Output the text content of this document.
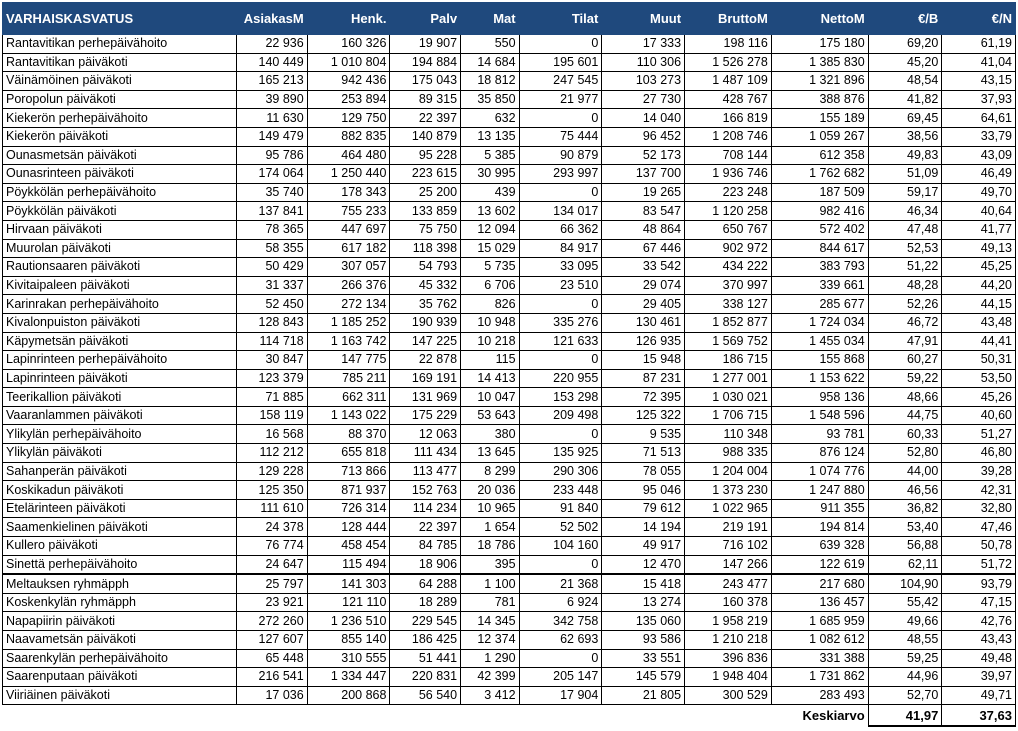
VARHAISKASVATUS	AsiakasM	Henk.	Palv	Mat	Tilat	Muut	BruttoM	NettoM	€/B	€/N
Rantavitikan perhepäivähoito	22 936	160 326	19 907	550	0	17 333	198 116	175 180	69,20	61,19
Rantavitikan päiväkoti	140 449	1 010 804	194 884	14 684	195 601	110 306	1 526 278	1 385 830	45,20	41,04
Väinämöinen päiväkoti	165 213	942 436	175 043	18 812	247 545	103 273	1 487 109	1 321 896	48,54	43,15
Poropolun päiväkoti	39 890	253 894	89 315	35 850	21 977	27 730	428 767	388 876	41,82	37,93
Kiekerön perhepäivähoito	11 630	129 750	22 397	632	0	14 040	166 819	155 189	69,45	64,61
Kiekerön päiväkoti	149 479	882 835	140 879	13 135	75 444	96 452	1 208 746	1 059 267	38,56	33,79
Ounasmetsän päiväkoti	95 786	464 480	95 228	5 385	90 879	52 173	708 144	612 358	49,83	43,09
Ounasrinteen päiväkoti	174 064	1 250 440	223 615	30 995	293 997	137 700	1 936 746	1 762 682	51,09	46,49
Pöykkölän perhepäivähoito	35 740	178 343	25 200	439	0	19 265	223 248	187 509	59,17	49,70
Pöykkölän päiväkoti	137 841	755 233	133 859	13 602	134 017	83 547	1 120 258	982 416	46,34	40,64
Hirvaan päiväkoti	78 365	447 697	75 750	12 094	66 362	48 864	650 767	572 402	47,48	41,77
Muurolan päiväkoti	58 355	617 182	118 398	15 029	84 917	67 446	902 972	844 617	52,53	49,13
Rautionsaaren päiväkoti	50 429	307 057	54 793	5 735	33 095	33 542	434 222	383 793	51,22	45,25
Kivitaipaleen päiväkoti	31 337	266 376	45 332	6 706	23 510	29 074	370 997	339 661	48,28	44,20
Karinrakan perhepäivähoito	52 450	272 134	35 762	826	0	29 405	338 127	285 677	52,26	44,15
Kivalonpuiston päiväkoti	128 843	1 185 252	190 939	10 948	335 276	130 461	1 852 877	1 724 034	46,72	43,48
Käpymetsän päiväkoti	114 718	1 163 742	147 225	10 218	121 633	126 935	1 569 752	1 455 034	47,91	44,41
Lapinrinteen perhepäivähoito	30 847	147 775	22 878	115	0	15 948	186 715	155 868	60,27	50,31
Lapinrinteen päiväkoti	123 379	785 211	169 191	14 413	220 955	87 231	1 277 001	1 153 622	59,22	53,50
Teerikallion päiväkoti	71 885	662 311	131 969	10 047	153 298	72 395	1 030 021	958 136	48,66	45,26
Vaaranlammen päiväkoti	158 119	1 143 022	175 229	53 643	209 498	125 322	1 706 715	1 548 596	44,75	40,60
Ylikylän perhepäivähoito	16 568	88 370	12 063	380	0	9 535	110 348	93 781	60,33	51,27
Ylikylän päiväkoti	112 212	655 818	111 434	13 645	135 925	71 513	988 335	876 124	52,80	46,80
Sahanperän päiväkoti	129 228	713 866	113 477	8 299	290 306	78 055	1 204 004	1 074 776	44,00	39,28
Koskikadun päiväkoti	125 350	871 937	152 763	20 036	233 448	95 046	1 373 230	1 247 880	46,56	42,31
Etelärinteen päiväkoti	111 610	726 314	114 234	10 965	91 840	79 612	1 022 965	911 355	36,82	32,80
Saamenkielinen päiväkoti	24 378	128 444	22 397	1 654	52 502	14 194	219 191	194 814	53,40	47,46
Kullero päiväkoti	76 774	458 454	84 785	18 786	104 160	49 917	716 102	639 328	56,88	50,78
Sinettä perhepäivähoito	24 647	115 494	18 906	395	0	12 470	147 266	122 619	62,11	51,72
Meltauksen ryhmäpph	25 797	141 303	64 288	1 100	21 368	15 418	243 477	217 680	104,90	93,79
Koskenkylän ryhmäpph	23 921	121 110	18 289	781	6 924	13 274	160 378	136 457	55,42	47,15
Napapiirin päiväkoti	272 260	1 236 510	229 545	14 345	342 758	135 060	1 958 219	1 685 959	49,66	42,76
Naavametsän päiväkoti	127 607	855 140	186 425	12 374	62 693	93 586	1 210 218	1 082 612	48,55	43,43
Saarenkylän perhepäivähoito	65 448	310 555	51 441	1 290	0	33 551	396 836	331 388	59,25	49,48
Saarenputaan päiväkoti	216 541	1 334 447	220 831	42 399	205 147	145 579	1 948 404	1 731 862	44,96	39,97
Viiriäinen päiväkoti	17 036	200 868	56 540	3 412	17 904	21 805	300 529	283 493	52,70	49,71
								Keskiarvo	41,97	37,63
